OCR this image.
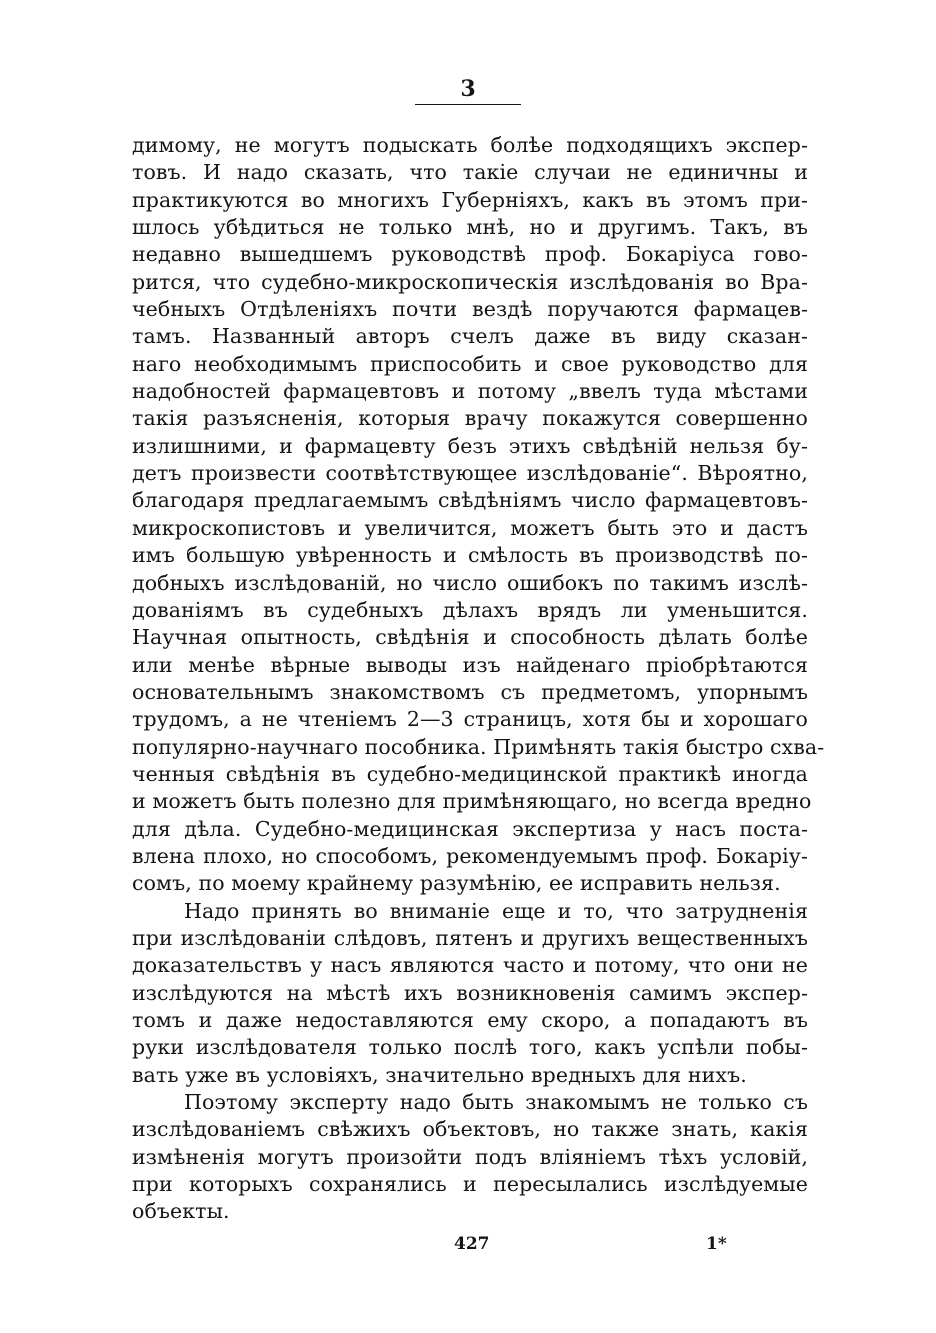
3
димому, не могутъ подыскать болѣе подходящихъ экспер-
товъ. И надо сказать, что такіе случаи не единичны и
практикуются во многихъ Губерніяхъ, какъ въ этомъ при-
шлось убѣдиться не только мнѣ, но и другимъ. Такъ, въ
недавно вышедшемъ руководствѣ проф. Бокаріуса гово-
рится, что судебно-микроскопическія изслѣдованія во Вра-
чебныхъ Отдѣленіяхъ почти вездѣ поручаются фармацев-
тамъ. Названный авторъ счелъ даже въ виду сказан-
наго необходимымъ приспособить и свое руководство для
надобностей фармацевтовъ и потому „ввелъ туда мѣстами
такія разъясненія, которыя врачу покажутся совершенно
излишними, и фармацевту безъ этихъ свѣдѣній нельзя бу-
детъ произвести соотвѣтствующее изслѣдованіе“. Вѣроятно,
благодаря предлагаемымъ свѣдѣніямъ число фармацевтовъ-
микроскопистовъ и увеличится, можетъ быть это и дастъ
имъ большую увѣренность и смѣлость въ производствѣ по-
добныхъ изслѣдованій, но число ошибокъ по такимъ изслѣ-
дованіямъ въ судебныхъ дѣлахъ врядъ ли уменьшится.
Научная опытность, свѣдѣнія и способность дѣлать болѣе
или менѣе вѣрные выводы изъ найденаго пріобрѣтаются
основательнымъ знакомствомъ съ предметомъ, упорнымъ
трудомъ, а не чтеніемъ 2—3 страницъ, хотя бы и хорошаго
популярно-научнаго пособника. Примѣнять такія быстро схва-
ченныя свѣдѣнія въ судебно-медицинской практикѣ иногда
и можетъ быть полезно для примѣняющаго, но всегда вредно
для дѣла. Судебно-медицинская экспертиза у насъ поста-
влена плохо, но способомъ, рекомендуемымъ проф. Бокаріу-
сомъ, по моему крайнему разумѣнію, ее исправить нельзя.
Надо принять во вниманіе еще и то, что затрудненія
при изслѣдованіи слѣдовъ, пятенъ и другихъ вещественныхъ
доказательствъ у насъ являются часто и потому, что они не
изслѣдуются на мѣстѣ ихъ возникновенія самимъ экспер-
томъ и даже недоставляются ему скоро, а попадаютъ въ
руки изслѣдователя только послѣ того, какъ успѣли побы-
вать уже въ условіяхъ, значительно вредныхъ для нихъ.
Поэтому эксперту надо быть знакомымъ не только съ
изслѣдованіемъ свѣжихъ объектовъ, но также знать, какія
измѣненія могутъ произойти подъ вліяніемъ тѣхъ условій,
при которыхъ сохранялись и пересылались изслѣдуемые
объекты.
427	1*
